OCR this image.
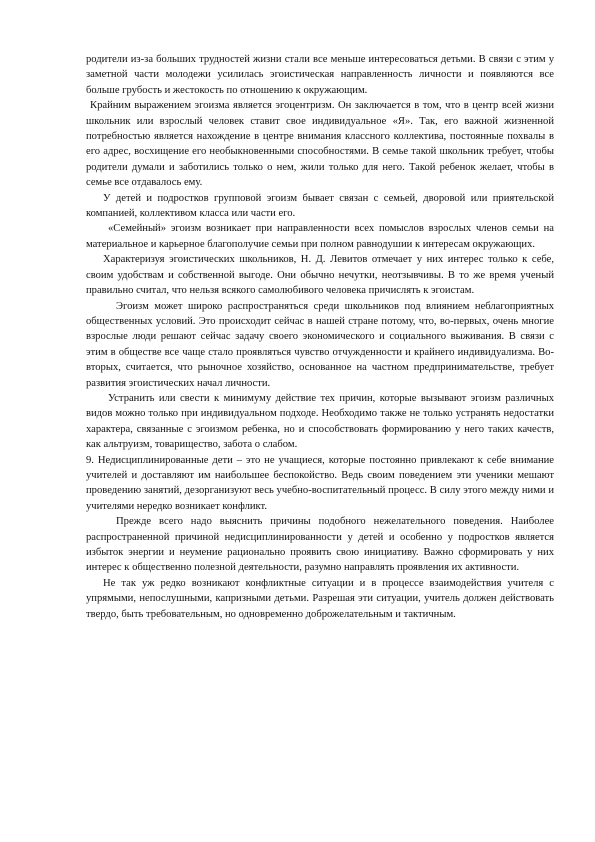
родители из-за больших трудностей жизни стали все меньше интересоваться детьми. В связи с этим у заметной части молодежи усилилась эгоистическая направленность личности и появляются все больше грубость и жестокость по отношению к окружающим.

Крайним выражением эгоизма является эгоцентризм. Он заключается в том, что в центр всей жизни школьник или взрослый человек ставит свое индивидуальное «Я». Так, его важной жизненной потребностью является нахождение в центре внимания классного коллектива, постоянные похвалы в его адрес, восхищение его необыкновенными способностями. В семье такой школьник требует, чтобы родители думали и заботились только о нем, жили только для него. Такой ребенок желает, чтобы в семье все отдавалось ему.

У детей и подростков групповой эгоизм бывает связан с семьей, дворовой или приятельской компанией, коллективом класса или части его.

«Семейный» эгоизм возникает при направленности всех помыслов взрослых членов семьи на материальное и карьерное благополучие семьи при полном равнодушии к интересам окружающих.

Характеризуя эгоистических школьников, Н. Д. Левитов отмечает у них интерес только к себе, своим удобствам и собственной выгоде. Они обычно нечутки, неотзывчивы. В то же время ученый правильно считал, что нельзя всякого самолюбивого человека причислять к эгоистам.

Эгоизм может широко распространяться среди школьников под влиянием неблагоприятных общественных условий. Это происходит сейчас в нашей стране потому, что, во-первых, очень многие взрослые люди решают сейчас задачу своего экономического и социального выживания. В связи с этим в обществе все чаще стало проявляться чувство отчужденности и крайнего индивидуализма. Во-вторых, считается, что рыночное хозяйство, основанное на частном предпринимательстве, требует развития эгоистических начал личности.

Устранить или свести к минимуму действие тех причин, которые вызывают эгоизм различных видов можно только при индивидуальном подходе. Необходимо также не только устранять недостатки характера, связанные с эгоизмом ребенка, но и способствовать формированию у него таких качеств, как альтруизм, товарищество, забота о слабом.

9. Недисциплинированные дети – это не учащиеся, которые постоянно привлекают к себе внимание учителей и доставляют им наибольшее беспокойство. Ведь своим поведением эти ученики мешают проведению занятий, дезорганизуют весь учебно-воспитательный процесс. В силу этого между ними и учителями нередко возникает конфликт.

Прежде всего надо выяснить причины подобного нежелательного поведения. Наиболее распространенной причиной недисциплинированности у детей и особенно у подростков является избыток энергии и неумение рационально проявить свою инициативу. Важно сформировать у них интерес к общественно полезной деятельности, разумно направлять проявления их активности.

Не так уж редко возникают конфликтные ситуации и в процессе взаимодействия учителя с упрямыми, непослушными, капризными детьми. Разрешая эти ситуации, учитель должен действовать твердо, быть требовательным, но одновременно доброжелательным и тактичным.
